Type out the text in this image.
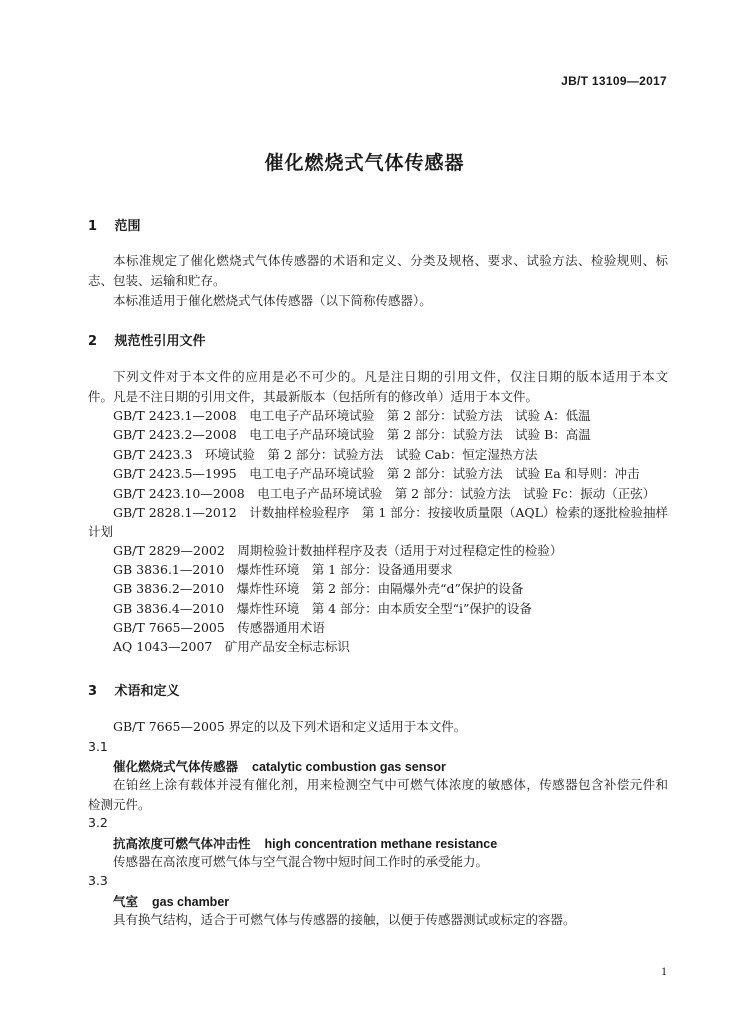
JB/T 13109—2017
催化燃烧式气体传感器
1 范围
本标准规定了催化燃烧式气体传感器的术语和定义、分类及规格、要求、试验方法、检验规则、标
志、包装、运输和贮存。
本标准适用于催化燃烧式气体传感器（以下简称传感器）。
2 规范性引用文件
下列文件对于本文件的应用是必不可少的。凡是注日期的引用文件，仅注日期的版本适用于本文
件。凡是不注日期的引用文件，其最新版本（包括所有的修改单）适用于本文件。
GB/T 2423.1—2008　电工电子产品环境试验　第 2 部分：试验方法　试验 A：低温
GB/T 2423.2—2008　电工电子产品环境试验　第 2 部分：试验方法　试验 B：高温
GB/T 2423.3　环境试验　第 2 部分：试验方法　试验 Cab：恒定湿热方法
GB/T 2423.5—1995　电工电子产品环境试验　第 2 部分：试验方法　试验 Ea 和导则：冲击
GB/T 2423.10—2008　电工电子产品环境试验　第 2 部分：试验方法　试验 Fc：振动（正弦）
GB/T 2828.1—2012　计数抽样检验程序　第 1 部分：按接收质量限（AQL）检索的逐批检验抽样
计划
GB/T 2829—2002　周期检验计数抽样程序及表（适用于对过程稳定性的检验）
GB 3836.1—2010　爆炸性环境　第 1 部分：设备通用要求
GB 3836.2—2010　爆炸性环境　第 2 部分：由隔爆外壳“d”保护的设备
GB 3836.4—2010　爆炸性环境　第 4 部分：由本质安全型“i”保护的设备
GB/T 7665—2005　传感器通用术语
AQ 1043—2007　矿用产品安全标志标识
3 术语和定义
GB/T 7665—2005 界定的以及下列术语和定义适用于本文件。
3.1
催化燃烧式气体传感器 catalytic combustion gas sensor
在铂丝上涂有载体并浸有催化剂，用来检测空气中可燃气体浓度的敏感体，传感器包含补偿元件和
检测元件。
3.2
抗高浓度可燃气体冲击性 high concentration methane resistance
传感器在高浓度可燃气体与空气混合物中短时间工作时的承受能力。
3.3
气室 gas chamber
具有换气结构，适合于可燃气体与传感器的接触，以便于传感器测试或标定的容器。
1
